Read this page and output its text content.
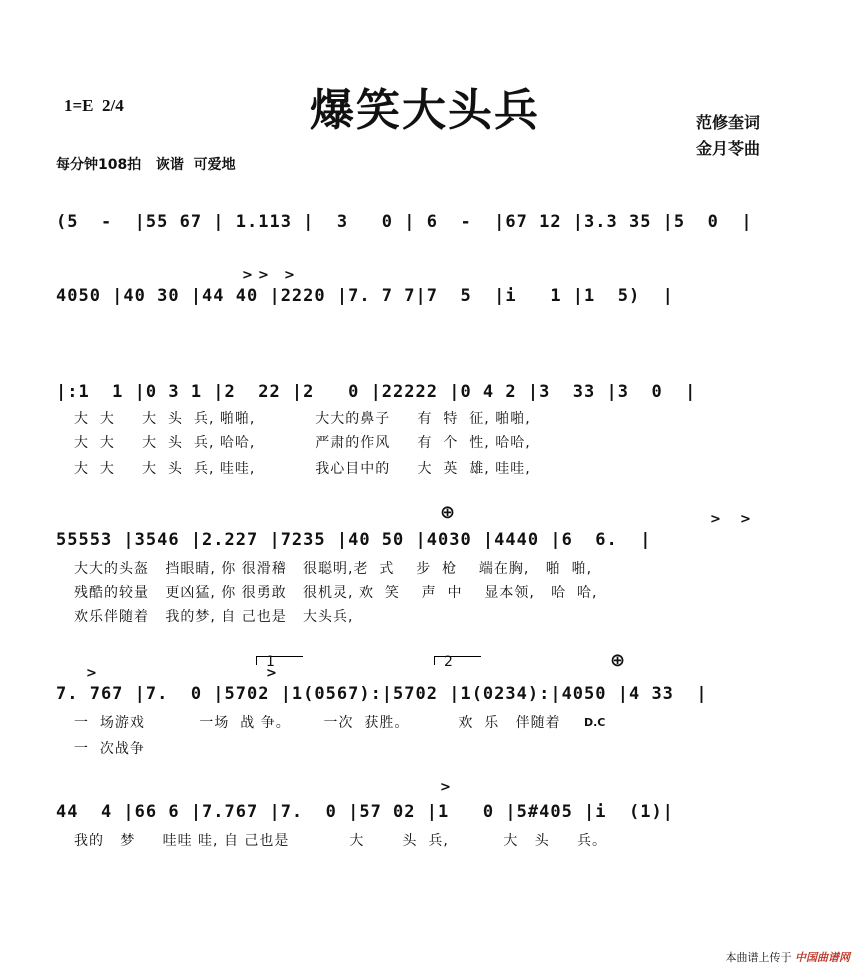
1=E  2/4	爆笑大头兵	范修奎词
金月苓曲
每分钟108拍   诙谐  可爱地
(5  -  |55 67 | 1.113 |  3   0 | 6  -  |67 12 |3.3 35 |5  0  |
4050 |40 30 |44 40 |2220 |7. 7 7|7  5  |i   1 |1  5)  |
> > >
|:1  1 |0 3 1 |2  22 |2   0 |22222 |0 4 2 |3  33 |3  0  |
大  大     大  头  兵, 啪啪,           大大的鼻子     有  特  征, 啪啪,
大  大     大  头  兵, 哈哈,           严肃的作风     有  个  性, 哈哈,
大  大     大  头  兵, 哇哇,           我心目中的     大  英  雄, 哇哇,
⊕	> >
55553 |3546 |2.227 |7235 |40 50 |4030 |4440 |6  6.  |
大大的头盔   挡眼睛, 你 很滑稽   很聪明,老  式    步  枪    端在胸,   啪  啪,
残酷的较量   更凶猛, 你 很勇敢   很机灵, 欢  笑    声  中    显本领,   哈  哈,
欢乐伴随着   我的梦, 自 己也是   大头兵,
1	2	⊕
>	>
7. 767 |7.  0 |5702 |1(0567):|5702 |1(0234):|4050 |4 33  |
一  场游戏          一场  战 争。      一次  获胜。         欢  乐   伴随着	D.C
一  次战争
>
44  4 |66 6 |7.767 |7.  0 |57 02 |1   0 |5#405 |i  (1)|
我的   梦     哇哇 哇, 自 己也是           大       头  兵,          大   头     兵。
本曲谱上传于 中国曲谱网
